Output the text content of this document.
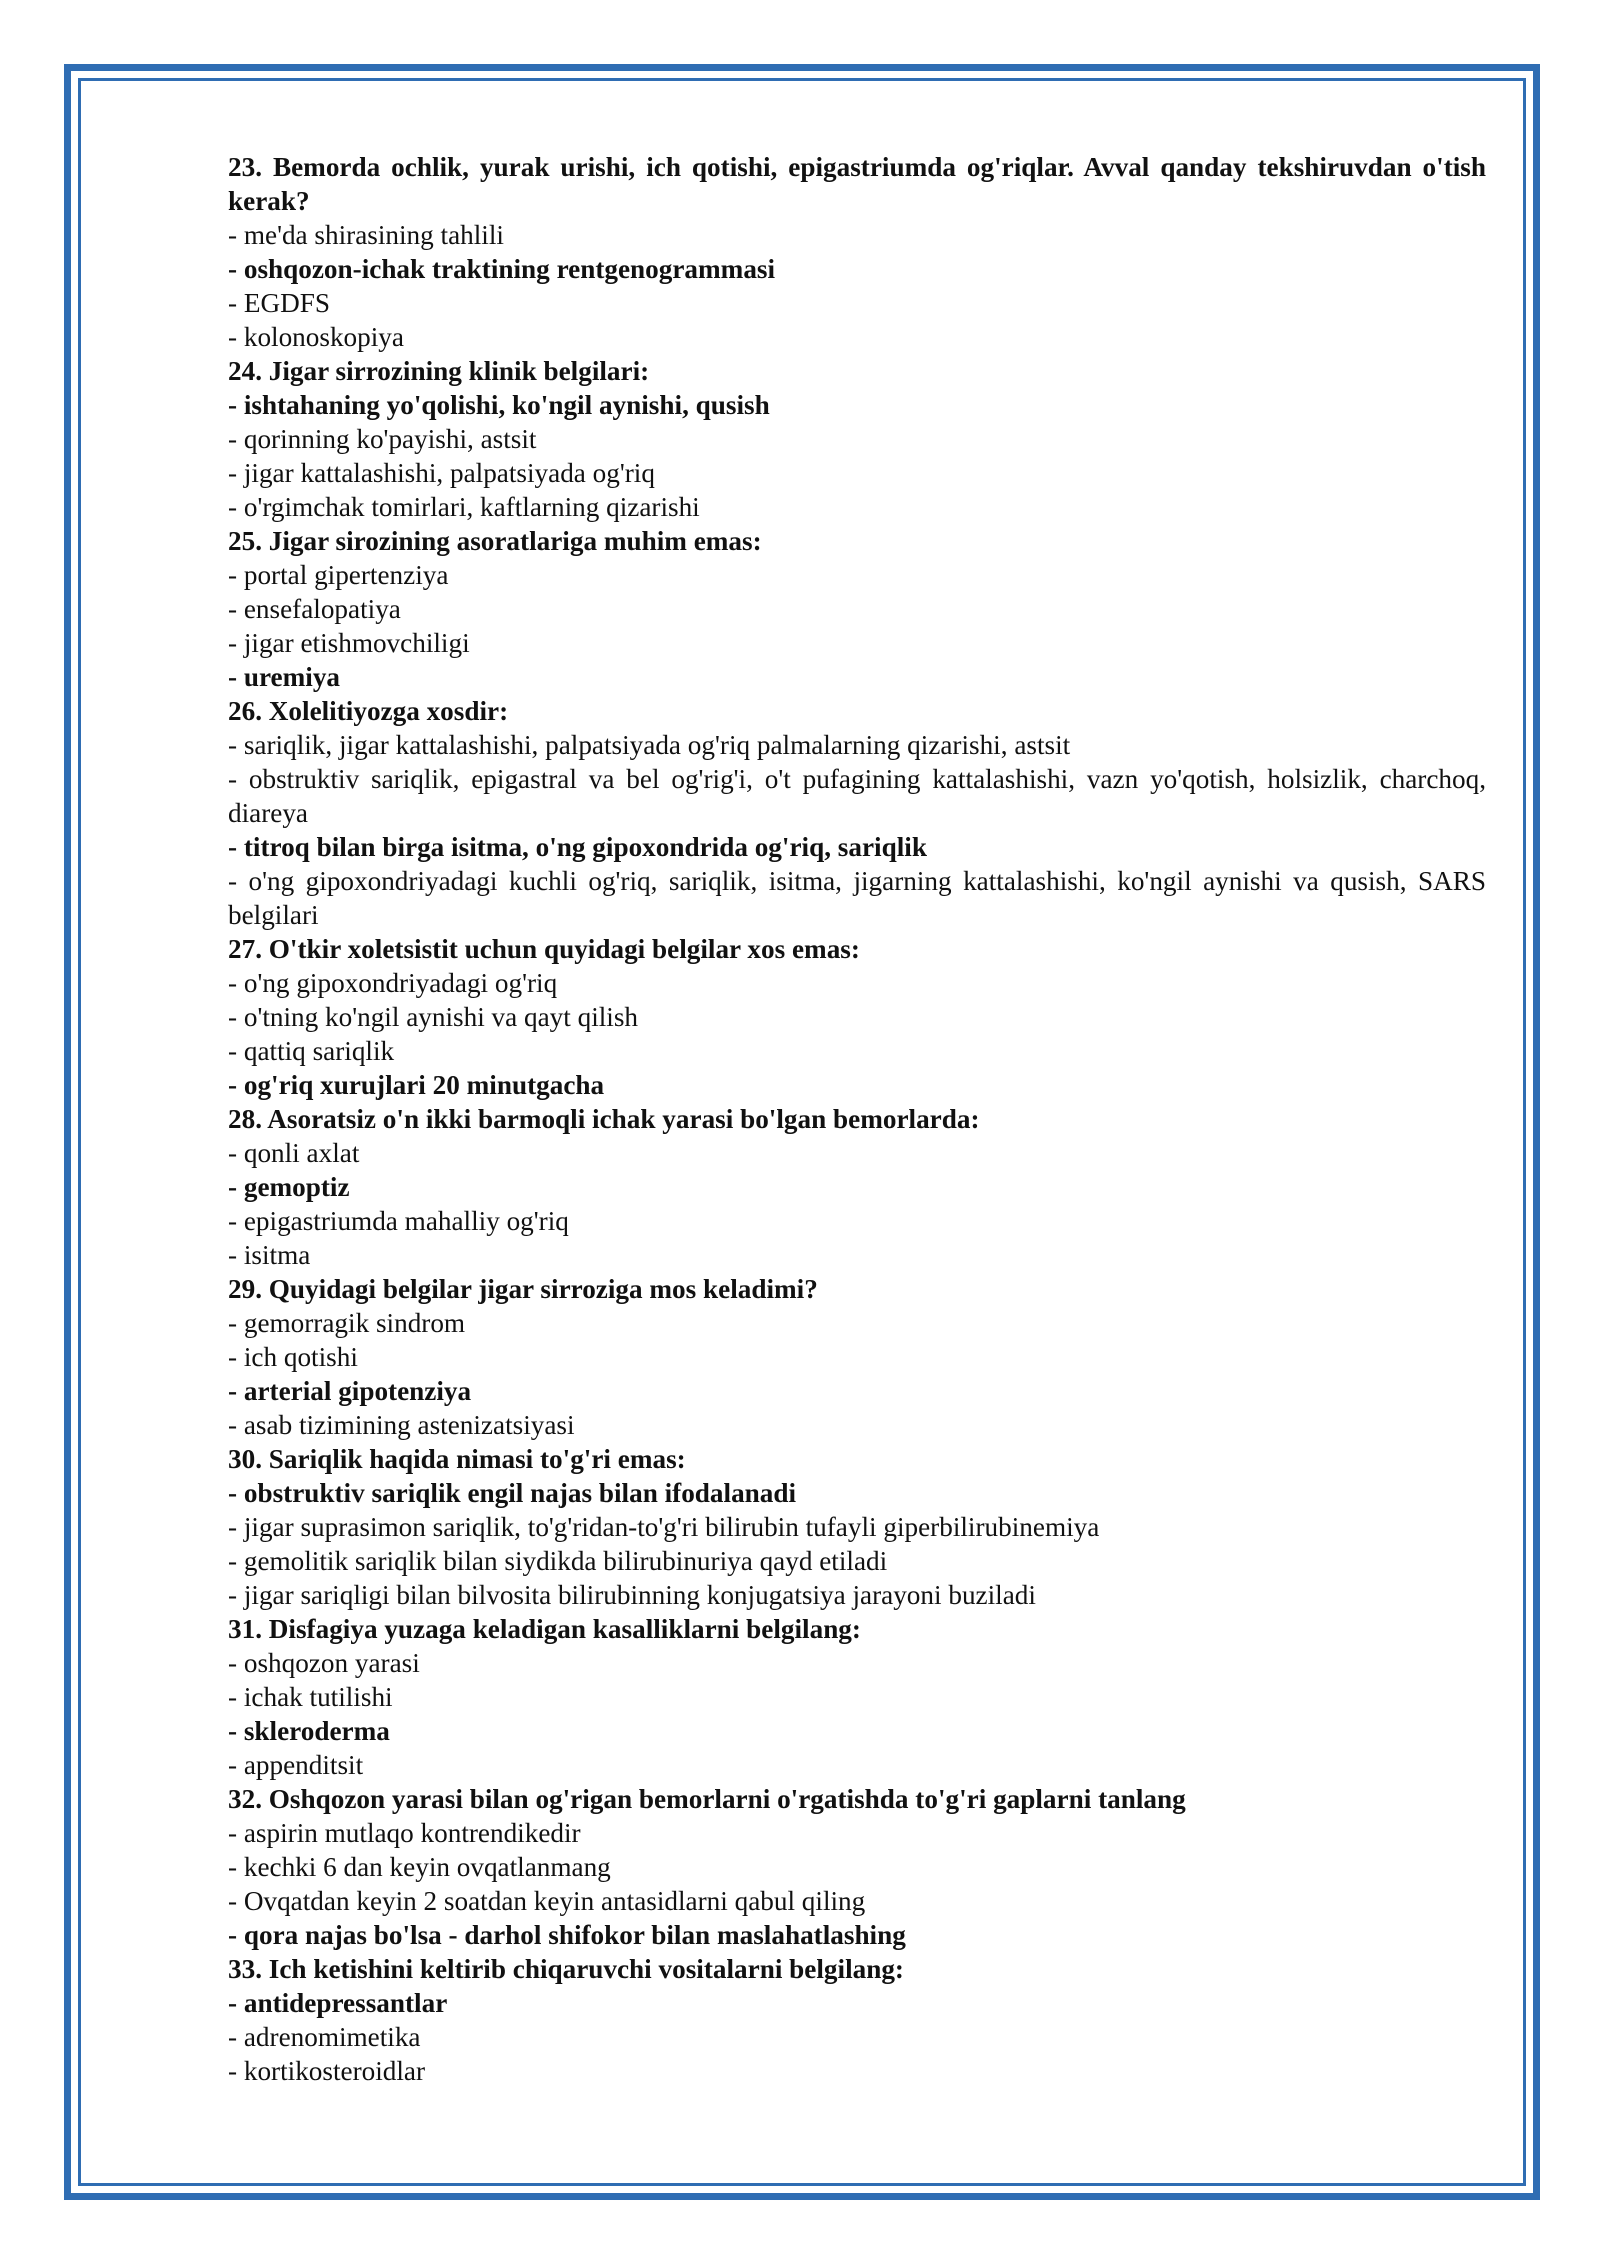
23. Bemorda ochlik, yurak urishi, ich qotishi, epigastriumda og'riqlar. Avval qanday tekshiruvdan o'tish kerak?
- me'da shirasining tahlili
- oshqozon-ichak traktining rentgenogrammasi
- EGDFS
- kolonoskopiya
24. Jigar sirrozining klinik belgilari:
- ishtahaning yo'qolishi, ko'ngil aynishi, qusish
- qorinning ko'payishi, astsit
- jigar kattalashishi, palpatsiyada og'riq
- o'rgimchak tomirlari, kaftlarning qizarishi
25. Jigar sirozining asoratlariga muhim emas:
- portal gipertenziya
- ensefalopatiya
- jigar etishmovchiligi
- uremiya
26. Xolelitiyozga xosdir:
- sariqlik, jigar kattalashishi, palpatsiyada og'riq palmalarning qizarishi, astsit
- obstruktiv sariqlik, epigastral va bel og'rig'i, o't pufagining kattalashishi, vazn yo'qotish, holsizlik, charchoq, diareya
- titroq bilan birga isitma, o'ng gipoxondrida og'riq, sariqlik
- o'ng gipoxondriyadagi kuchli og'riq, sariqlik, isitma, jigarning kattalashishi, ko'ngil aynishi va qusish, SARS belgilari
27. O'tkir xoletsistit uchun quyidagi belgilar xos emas:
- o'ng gipoxondriyadagi og'riq
- o'tning ko'ngil aynishi va qayt qilish
- qattiq sariqlik
- og'riq xurujlari 20 minutgacha
28. Asoratsiz o'n ikki barmoqli ichak yarasi bo'lgan bemorlarda:
- qonli axlat
- gemoptiz
- epigastriumda mahalliy og'riq
- isitma
29. Quyidagi belgilar jigar sirroziga mos keladimi?
- gemorragik sindrom
- ich qotishi
- arterial gipotenziya
- asab tizimining astenizatsiyasi
30. Sariqlik haqida nimasi to'g'ri emas:
- obstruktiv sariqlik engil najas bilan ifodalanadi
- jigar suprasimon sariqlik, to'g'ridan-to'g'ri bilirubin tufayli giperbilirubinemiya
- gemolitik sariqlik bilan siydikda bilirubinuriya qayd etiladi
- jigar sariqligi bilan bilvosita bilirubinning konjugatsiya jarayoni buziladi
31. Disfagiya yuzaga keladigan kasalliklarni belgilang:
- oshqozon yarasi
- ichak tutilishi
- skleroderma
- appenditsit
32. Oshqozon yarasi bilan og'rigan bemorlarni o'rgatishda to'g'ri gaplarni tanlang
- aspirin mutlaqo kontrendikedir
- kechki 6 dan keyin ovqatlanmang
- Ovqatdan keyin 2 soatdan keyin antasidlarni qabul qiling
- qora najas bo'lsa - darhol shifokor bilan maslahatlashing
33. Ich ketishini keltirib chiqaruvchi vositalarni belgilang:
- antidepressantlar
- adrenomimetika
- kortikosteroidlar
